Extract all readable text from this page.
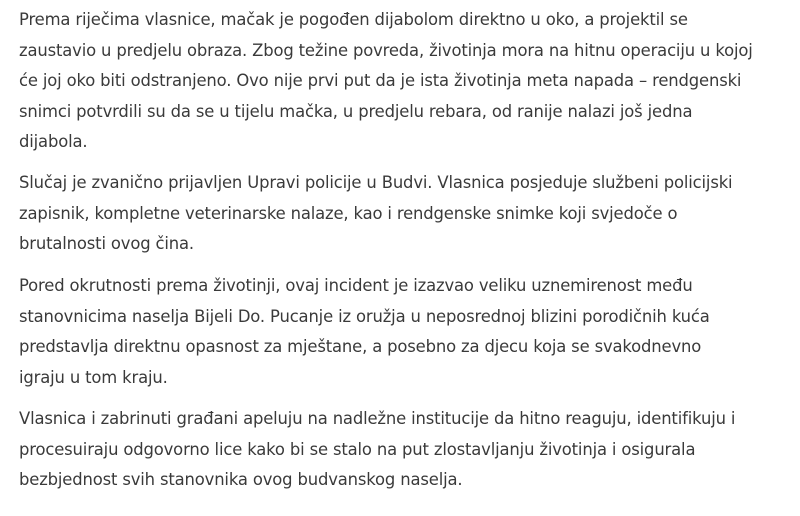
Prema riječima vlasnice, mačak je pogođen dijabolom direktno u oko, a projektil se
zaustavio u predjelu obraza. Zbog težine povreda, životinja mora na hitnu operaciju u kojoj
će joj oko biti odstranjeno. Ovo nije prvi put da je ista životinja meta napada – rendgenski
snimci potvrdili su da se u tijelu mačka, u predjelu rebara, od ranije nalazi još jedna
dijabola.

Slučaj je zvanično prijavljen Upravi policije u Budvi. Vlasnica posjeduje službeni policijski
zapisnik, kompletne veterinarske nalaze, kao i rendgenske snimke koji svjedoče o
brutalnosti ovog čina.

Pored okrutnosti prema životinji, ovaj incident je izazvao veliku uznemirenost među
stanovnicima naselja Bijeli Do. Pucanje iz oružja u neposrednoj blizini porodičnih kuća
predstavlja direktnu opasnost za mještane, a posebno za djecu koja se svakodnevno
igraju u tom kraju.

Vlasnica i zabrinuti građani apeluju na nadležne institucije da hitno reaguju, identifikuju i
procesuiraju odgovorno lice kako bi se stalo na put zlostavljanju životinja i osigurala
bezbjednost svih stanovnika ovog budvanskog naselja.
